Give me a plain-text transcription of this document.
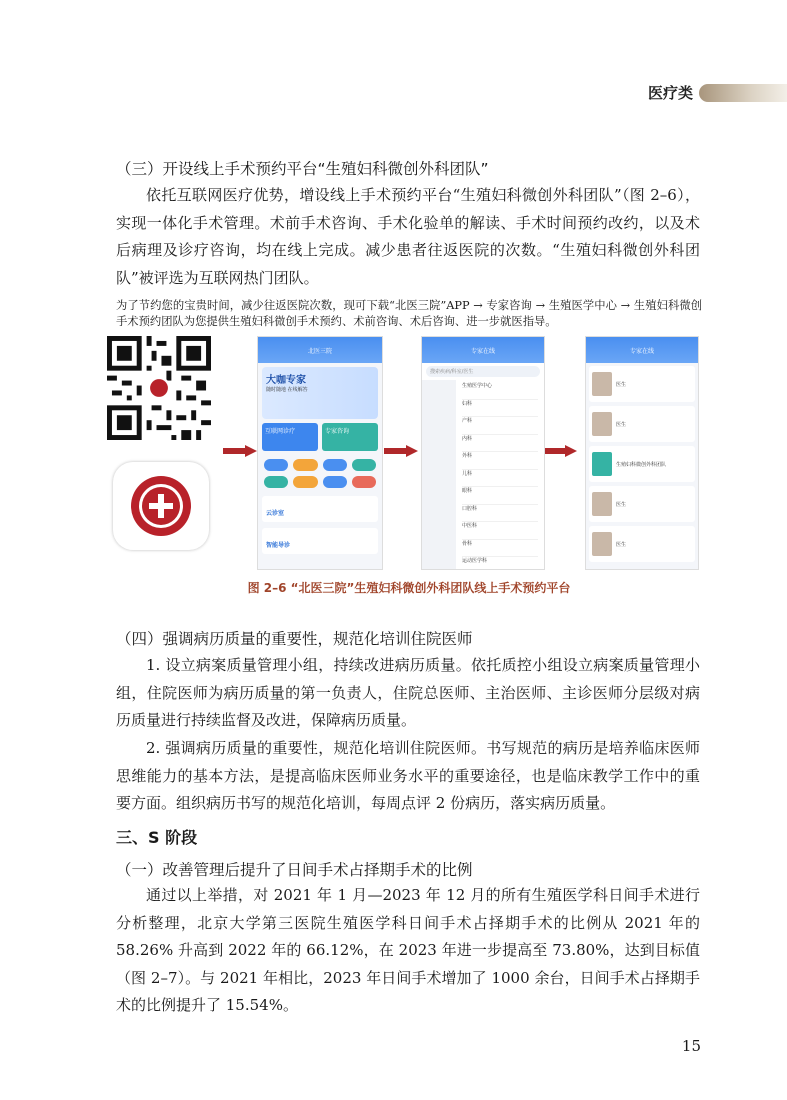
医疗类
（三）开设线上手术预约平台“生殖妇科微创外科团队”
依托互联网医疗优势，增设线上手术预约平台“生殖妇科微创外科团队”（图 2–6），实现一体化手术管理。术前手术咨询、手术化验单的解读、手术时间预约改约，以及术后病理及诊疗咨询，均在线上完成。减少患者往返医院的次数。“生殖妇科微创外科团队”被评选为互联网热门团队。
为了节约您的宝贵时间，减少往返医院次数，现可下载“北医三院”APP → 专家咨询 → 生殖医学中心 → 生殖妇科微创手术预约团队为您提供生殖妇科微创手术预约、术前咨询、术后咨询、进一步就医指导。
北医三院
大咖专家
随时随地 在线解答
互联网诊疗	专家咨询
云诊室
智能导诊
专家在线
搜索疾病/科室/医生
生殖医学中心
妇科
产科
内科
外科
儿科
眼科
口腔科
中医科
骨科
运动医学科
专家在线
医生
医生
生殖妇科微创外科团队
医生
医生
图 2–6 “北医三院”生殖妇科微创外科团队线上手术预约平台
（四）强调病历质量的重要性，规范化培训住院医师
1. 设立病案质量管理小组，持续改进病历质量。依托质控小组设立病案质量管理小组，住院医师为病历质量的第一负责人，住院总医师、主治医师、主诊医师分层级对病历质量进行持续监督及改进，保障病历质量。
2. 强调病历质量的重要性，规范化培训住院医师。书写规范的病历是培养临床医师思维能力的基本方法，是提高临床医师业务水平的重要途径，也是临床教学工作中的重要方面。组织病历书写的规范化培训，每周点评 2 份病历，落实病历质量。
三、S 阶段
（一）改善管理后提升了日间手术占择期手术的比例
通过以上举措，对 2021 年 1 月—2023 年 12 月的所有生殖医学科日间手术进行分析整理，北京大学第三医院生殖医学科日间手术占择期手术的比例从 2021 年的 58.26% 升高到 2022 年的 66.12%，在 2023 年进一步提高至 73.80%，达到目标值（图 2–7）。与 2021 年相比，2023 年日间手术增加了 1000 余台，日间手术占择期手术的比例提升了 15.54%。
15
